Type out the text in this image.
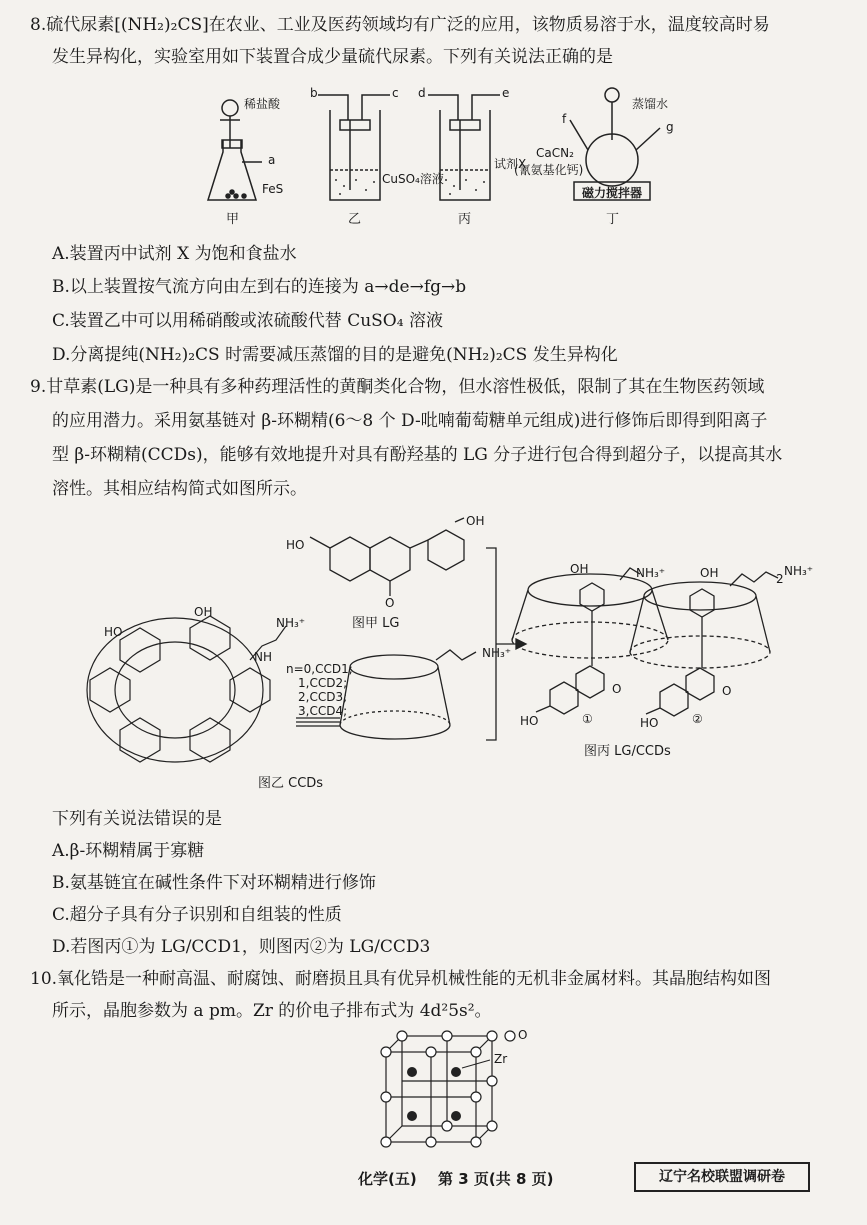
8.硫代尿素[(NH₂)₂CS]在农业、工业及医药领域均有广泛的应用，该物质易溶于水，温度较高时易
发生异构化，实验室用如下装置合成少量硫代尿素。下列有关说法正确的是
稀盐酸
a
FeS
甲
b	c
CuSO₄溶液
乙
d	e
试剂X
丙
蒸馏水
f
g
CaCN₂
(氰氨基化钙)
磁力搅拌器
丁
A.装置丙中试剂 X 为饱和食盐水
B.以上装置按气流方向由左到右的连接为 a→de→fg→b
C.装置乙中可以用稀硝酸或浓硫酸代替 CuSO₄ 溶液
D.分离提纯(NH₂)₂CS 时需要减压蒸馏的目的是避免(NH₂)₂CS 发生异构化
9.甘草素(LG)是一种具有多种药理活性的黄酮类化合物，但水溶性极低，限制了其在生物医药领域
的应用潜力。采用氨基链对 β-环糊精(6～8 个 D-吡喃葡萄糖单元组成)进行修饰后即得到阳离子
型 β-环糊精(CCDs)，能够有效地提升对具有酚羟基的 LG 分子进行包合得到超分子，以提高其水
溶性。其相应结构简式如图所示。
HO
OH
O
图甲 LG
HO
OH
NH
NH₃⁺
图乙 CCDs
n=0,CCD1;
1,CCD2;
2,CCD3;
3,CCD4;
NH₃⁺
OH
HO
O
NH₃⁺
①
OH
HO
O
2
NH₃⁺
②
图丙 LG/CCDs
下列有关说法错误的是
A.β-环糊精属于寡糖
B.氨基链宜在碱性条件下对环糊精进行修饰
C.超分子具有分子识别和自组装的性质
D.若图丙①为 LG/CCD1，则图丙②为 LG/CCD3
10.氧化锆是一种耐高温、耐腐蚀、耐磨损且具有优异机械性能的无机非金属材料。其晶胞结构如图
所示，晶胞参数为 a pm。Zr 的价电子排布式为 4d²5s²。
O
Zr
化学(五) 第 3 页(共 8 页)	辽宁名校联盟调研卷
